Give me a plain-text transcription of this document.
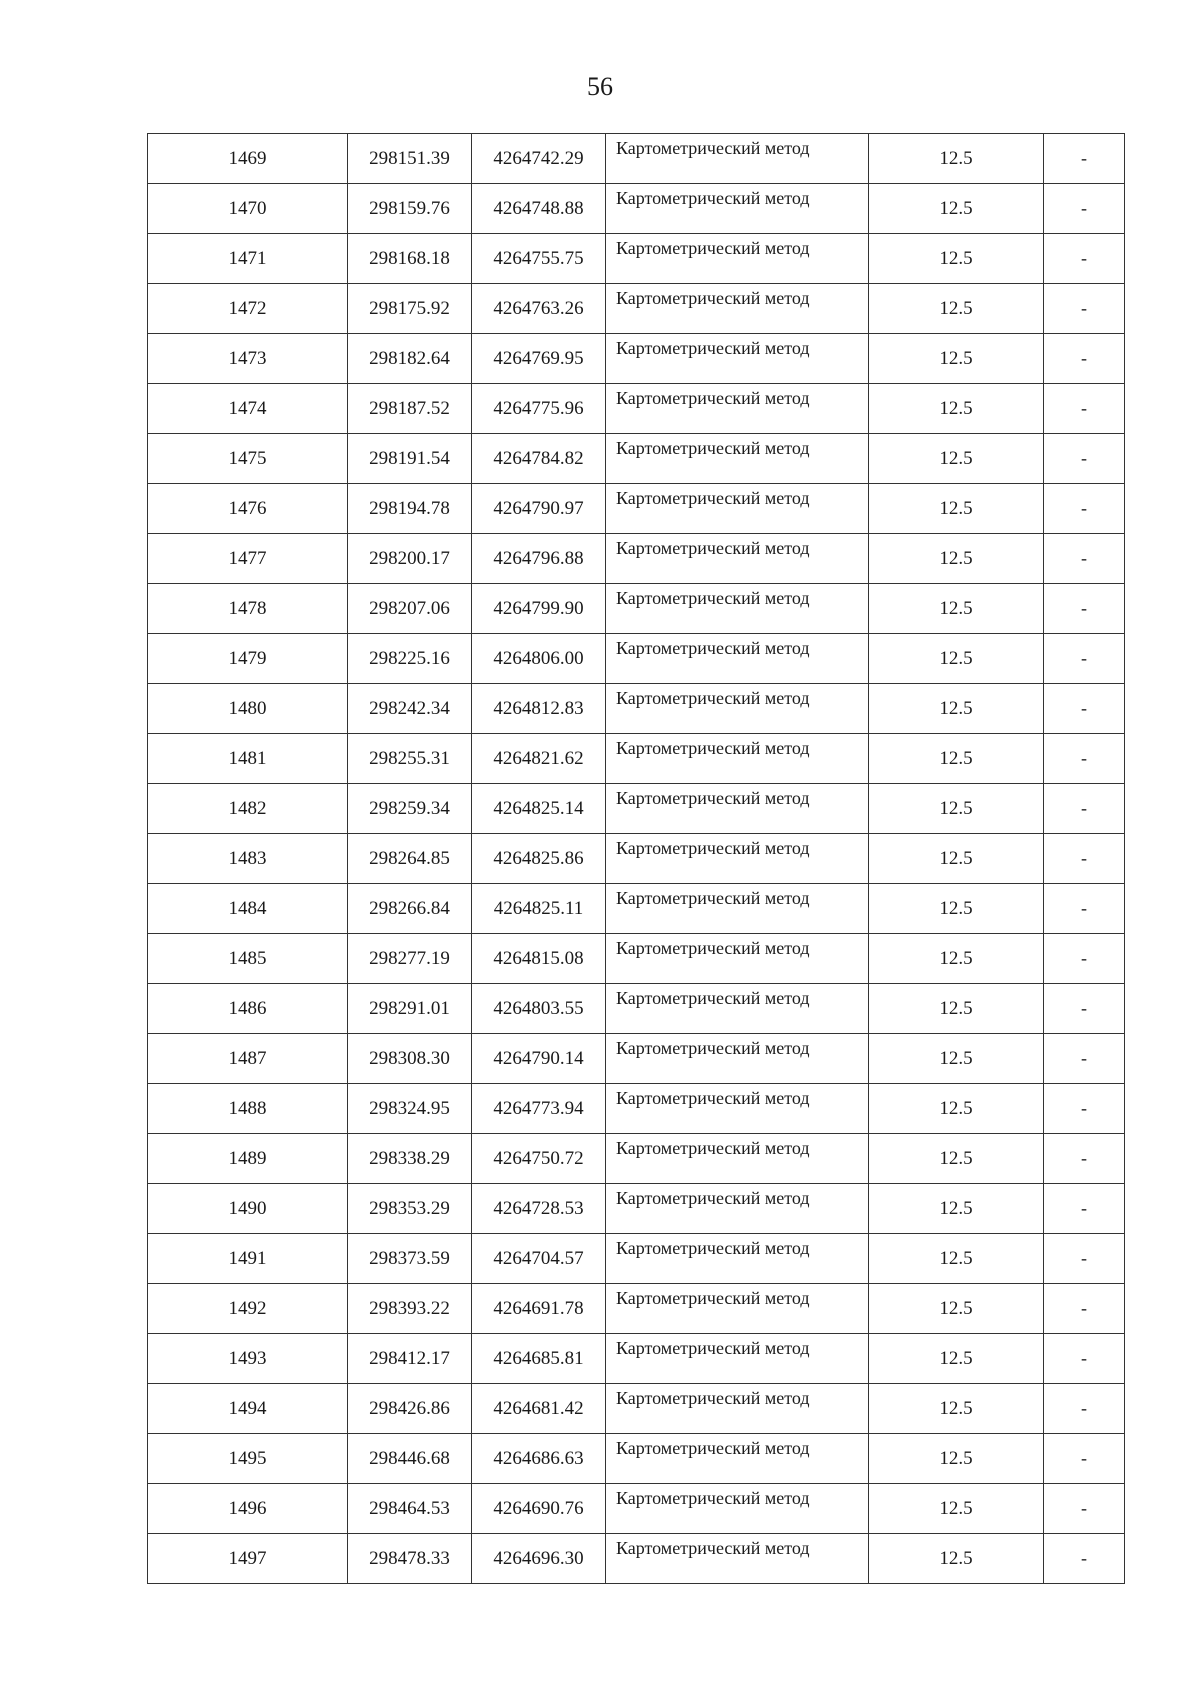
56
1469	298151.39	4264742.29	Картометрический метод	12.5	-
1470	298159.76	4264748.88	Картометрический метод	12.5	-
1471	298168.18	4264755.75	Картометрический метод	12.5	-
1472	298175.92	4264763.26	Картометрический метод	12.5	-
1473	298182.64	4264769.95	Картометрический метод	12.5	-
1474	298187.52	4264775.96	Картометрический метод	12.5	-
1475	298191.54	4264784.82	Картометрический метод	12.5	-
1476	298194.78	4264790.97	Картометрический метод	12.5	-
1477	298200.17	4264796.88	Картометрический метод	12.5	-
1478	298207.06	4264799.90	Картометрический метод	12.5	-
1479	298225.16	4264806.00	Картометрический метод	12.5	-
1480	298242.34	4264812.83	Картометрический метод	12.5	-
1481	298255.31	4264821.62	Картометрический метод	12.5	-
1482	298259.34	4264825.14	Картометрический метод	12.5	-
1483	298264.85	4264825.86	Картометрический метод	12.5	-
1484	298266.84	4264825.11	Картометрический метод	12.5	-
1485	298277.19	4264815.08	Картометрический метод	12.5	-
1486	298291.01	4264803.55	Картометрический метод	12.5	-
1487	298308.30	4264790.14	Картометрический метод	12.5	-
1488	298324.95	4264773.94	Картометрический метод	12.5	-
1489	298338.29	4264750.72	Картометрический метод	12.5	-
1490	298353.29	4264728.53	Картометрический метод	12.5	-
1491	298373.59	4264704.57	Картометрический метод	12.5	-
1492	298393.22	4264691.78	Картометрический метод	12.5	-
1493	298412.17	4264685.81	Картометрический метод	12.5	-
1494	298426.86	4264681.42	Картометрический метод	12.5	-
1495	298446.68	4264686.63	Картометрический метод	12.5	-
1496	298464.53	4264690.76	Картометрический метод	12.5	-
1497	298478.33	4264696.30	Картометрический метод	12.5	-
